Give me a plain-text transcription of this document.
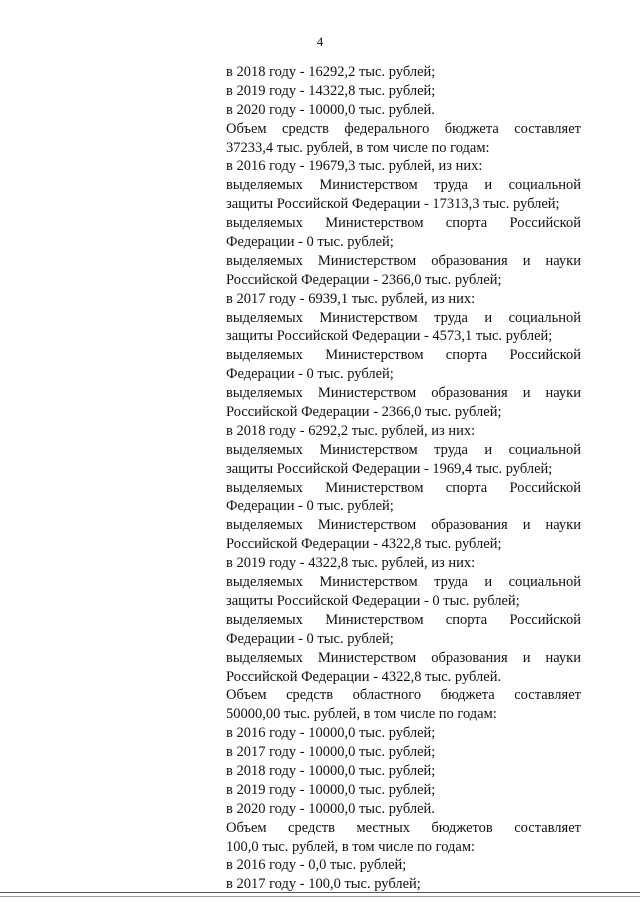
4
в 2018 году - 16292,2 тыс. рублей;
в 2019 году - 14322,8 тыс. рублей;
в 2020 году - 10000,0 тыс. рублей.
Объем средств федерального бюджета составляет
37233,4 тыс. рублей, в том числе по годам:
в 2016 году - 19679,3 тыс. рублей, из них:
выделяемых Министерством труда и социальной
защиты Российской Федерации - 17313,3 тыс. рублей;
выделяемых Министерством спорта Российской
Федерации - 0 тыс. рублей;
выделяемых Министерством образования и науки
Российской Федерации - 2366,0 тыс. рублей;
в 2017 году - 6939,1 тыс. рублей, из них:
выделяемых Министерством труда и социальной
защиты Российской Федерации - 4573,1 тыс. рублей;
выделяемых Министерством спорта Российской
Федерации - 0 тыс. рублей;
выделяемых Министерством образования и науки
Российской Федерации - 2366,0 тыс. рублей;
в 2018 году - 6292,2 тыс. рублей, из них:
выделяемых Министерством труда и социальной
защиты Российской Федерации - 1969,4 тыс. рублей;
выделяемых Министерством спорта Российской
Федерации - 0 тыс. рублей;
выделяемых Министерством образования и науки
Российской Федерации - 4322,8 тыс. рублей;
в 2019 году - 4322,8 тыс. рублей, из них:
выделяемых Министерством труда и социальной
защиты Российской Федерации - 0 тыс. рублей;
выделяемых Министерством спорта Российской
Федерации - 0 тыс. рублей;
выделяемых Министерством образования и науки
Российской Федерации - 4322,8 тыс. рублей.
Объем средств областного бюджета составляет
50000,00 тыс. рублей, в том числе по годам:
в 2016 году - 10000,0 тыс. рублей;
в 2017 году - 10000,0 тыс. рублей;
в 2018 году - 10000,0 тыс. рублей;
в 2019 году - 10000,0 тыс. рублей;
в 2020 году - 10000,0 тыс. рублей.
Объем средств местных бюджетов составляет
100,0 тыс. рублей, в том числе по годам:
в 2016 году - 0,0 тыс. рублей;
в 2017 году - 100,0 тыс. рублей;
